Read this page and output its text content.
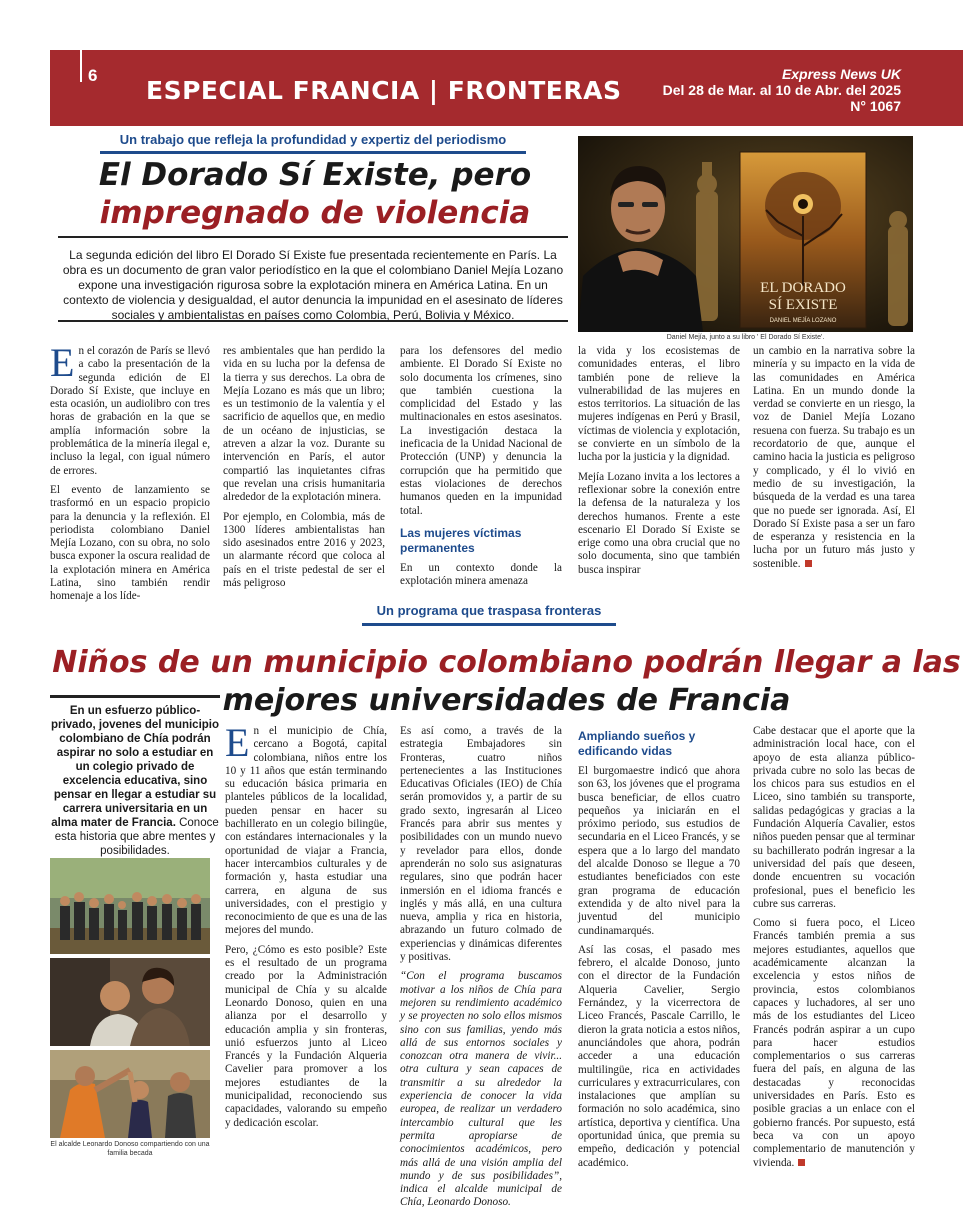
6
ESPECIAL FRANCIA | FRONTERAS
Express News UK
Del 28 de Mar. al 10 de Abr. del 2025
N° 1067
Un trabajo que refleja la profundidad y expertiz del periodismo
El Dorado Sí Existe, pero
impregnado de violencia
EL DORADO
SÍ EXISTE
DANIEL MEJÍA LOZANO
Daniel Mejía, junto a su libro ' El Dorado Sí Existe'.
La segunda edición del libro El Dorado Sí Existe fue presentada recientemente en París. La obra es un documento de gran valor periodístico en la que el colombiano Daniel Mejía Lozano expone una investigación rigurosa sobre la explotación minera en América Latina. En un contexto de violencia y desigualdad, el autor denuncia la impunidad en el asesinato de líderes sociales y ambientalistas en países como Colombia, Perú, Bolivia y México.

En el corazón de París se llevó a cabo la presentación de la segunda edición de El Dorado Sí Existe, que incluye en esta ocasión, un audiolibro con tres horas de grabación en la que se amplía información sobre la problemática de la minería ilegal e, incluso la legal, con igual número de errores.

El evento de lanzamiento se trasformó en un espacio propicio para la denuncia y la reflexión. El periodista colombiano Daniel Mejía Lozano, con su obra, no solo busca exponer la oscura realidad de la explotación minera en América Latina, sino también rendir homenaje a los líde-

res ambientales que han perdido la vida en su lucha por la defensa de la tierra y sus derechos. La obra de Mejía Lozano es más que un libro; es un testimonio de la valentía y el sacrificio de aquellos que, en medio de un océano de injusticias, se atreven a alzar la voz. Durante su intervención en París, el autor compartió las inquietantes cifras que revelan una crisis humanitaria alrededor de la explotación minera.

Por ejemplo, en Colombia, más de 1300 líderes ambientalistas han sido asesinados entre 2016 y 2023, un alarmante récord que coloca al país en el triste pedestal de ser el más peligroso

para los defensores del medio ambiente. El Dorado Sí Existe no solo documenta los crímenes, sino que también cuestiona la complicidad del Estado y las multinacionales en estos asesinatos. La investigación destaca la ineficacia de la Unidad Nacional de Protección (UNP) y denuncia la corrupción que ha permitido que estas violaciones de derechos humanos queden en la impunidad total.

Las mujeres víctimas permanentes

En un contexto donde la explotación minera amenaza

la vida y los ecosistemas de comunidades enteras, el libro también pone de relieve la vulnerabilidad de las mujeres en estos territorios. La situación de las mujeres indígenas en Perú y Brasil, víctimas de violencia y explotación, se convierte en un símbolo de la lucha por la justicia y la dignidad.

Mejía Lozano invita a los lectores a reflexionar sobre la conexión entre la defensa de la naturaleza y los derechos humanos. Frente a este escenario El Dorado Sí Existe se erige como una obra crucial que no solo documenta, sino que también busca inspirar

un cambio en la narrativa sobre la minería y su impacto en la vida de las comunidades en América Latina. En un mundo donde la verdad se convierte en un riesgo, la voz de Daniel Mejía Lozano resuena con fuerza. Su trabajo es un recordatorio de que, aunque el camino hacia la justicia es peligroso y complicado, y él lo vivió en medio de su investigación, la búsqueda de la verdad es una tarea que no puede ser ignorada. Así, El Dorado Sí Existe pasa a ser un faro de esperanza y resistencia en la lucha por un futuro más justo y sostenible.

Un programa que traspasa fronteras
Niños de un municipio colombiano podrán llegar a las
mejores universidades de Francia
En un esfuerzo público-privado, jovenes del municipio colombiano de Chía podrán aspirar no solo a estudiar en un colegio privado de excelencia educativa, sino pensar en llegar a estudiar su carrera universitaria en un alma mater de Francia. Conoce esta historia que abre mentes y posibilidades.
El alcalde Leonardo Donoso compartiendo con una familia becada

En el municipio de Chía, cercano a Bogotá, capital colombiana, niños entre los 10 y 11 años que están terminando su educación básica primaria en planteles públicos de la localidad, pueden pensar en hacer su bachillerato en un colegio bilingüe, con estándares internacionales y la oportunidad de viajar a Francia, hacer intercambios culturales y de formación y, hasta estudiar una carrera, en alguna de sus universidades, con el prestigio y reconocimiento de que es una de las mejores del mundo.

Pero, ¿Cómo es esto posible? Este es el resultado de un programa creado por la Administración municipal de Chía y su alcalde Leonardo Donoso, quien en una alianza por el desarrollo y educación amplia y sin fronteras, unió esfuerzos junto al Liceo Francés y la Fundación Alqueria Cavelier para promover a los mejores estudiantes de la municipalidad, reconociendo sus capacidades, valorando su empeño y dedicación escolar.

Es así como, a través de la estrategia Embajadores sin Fronteras, cuatro niños pertenecientes a las Instituciones Educativas Oficiales (IEO) de Chía serán promovidos y, a partir de su grado sexto, ingresarán al Liceo Francés para abrir sus mentes y posibilidades con un mundo nuevo y revelador para ellos, donde aprenderán no solo sus asignaturas regulares, sino que podrán hacer inmersión en el idioma francés e inglés y más allá, en una cultura nueva, amplia y rica en historia, abrazando un futuro colmado de experiencias y dinámicas diferentes y positivas.

“Con el programa buscamos motivar a los niños de Chía para mejoren su rendimiento académico y se proyecten no solo ellos mismos sino con sus familias, yendo más allá de sus entornos sociales y conozcan otra manera de vivir... otra cultura y sean capaces de transmitir a su alrededor la experiencia de conocer la vida europea, de realizar un verdadero intercambio cultural que les permita apropiarse de conocimientos académicos, pero más allá de una visión amplia del mundo y de sus posibilidades”, indica el alcalde municipal de Chía, Leonardo Donoso.

Ampliando sueños y edificando vidas

El burgomaestre indicó que ahora son 63, los jóvenes que el programa busca beneficiar, de ellos cuatro pequeños ya iniciarán en el próximo periodo, sus estudios de secundaria en el Liceo Francés, y se espera que a lo largo del mandato del alcalde Donoso se llegue a 70 estudiantes beneficiados con este gran programa de educación extendida y de alto nivel para la juventud del municipio cundinamarqués.

Así las cosas, el pasado mes febrero, el alcalde Donoso, junto con el director de la Fundación Alqueria Cavelier, Sergio Fernández, y la vicerrectora de Liceo Francés, Pascale Carrillo, le dieron la grata noticia a estos niños, anunciándoles que ahora, podrán acceder a una educación multilingüe, rica en actividades curriculares y extracurriculares, con instalaciones que amplían su formación no solo académica, sino artística, deportiva y científica. Una oportunidad única, que premia su empeño, dedicación y potencial académico.

Cabe destacar que el aporte que la administración local hace, con el apoyo de esta alianza público-privada cubre no solo las becas de los chicos para sus estudios en el Liceo, sino también su transporte, salidas pedagógicas y gracias a la Fundación Alquería Cavalier, estos niños pueden pensar que al terminar su bachillerato podrán ingresar a la universidad del país que deseen, donde encuentren su vocación profesional, pues el beneficio les cubre sus carreras.

Como si fuera poco, el Liceo Francés también premia a sus mejores estudiantes, aquellos que académicamente alcanzan la excelencia y estos niños de provincia, estos colombianos capaces y luchadores, al ser uno más de los estudiantes del Liceo Francés podrán aspirar a un cupo para hacer estudios complementarios o sus carreras fuera del país, en alguna de las destacadas y reconocidas universidades en París. Esto es posible gracias a un enlace con el gobierno francés. Por supuesto, está beca va con un apoyo complementario de manutención y vivienda.
